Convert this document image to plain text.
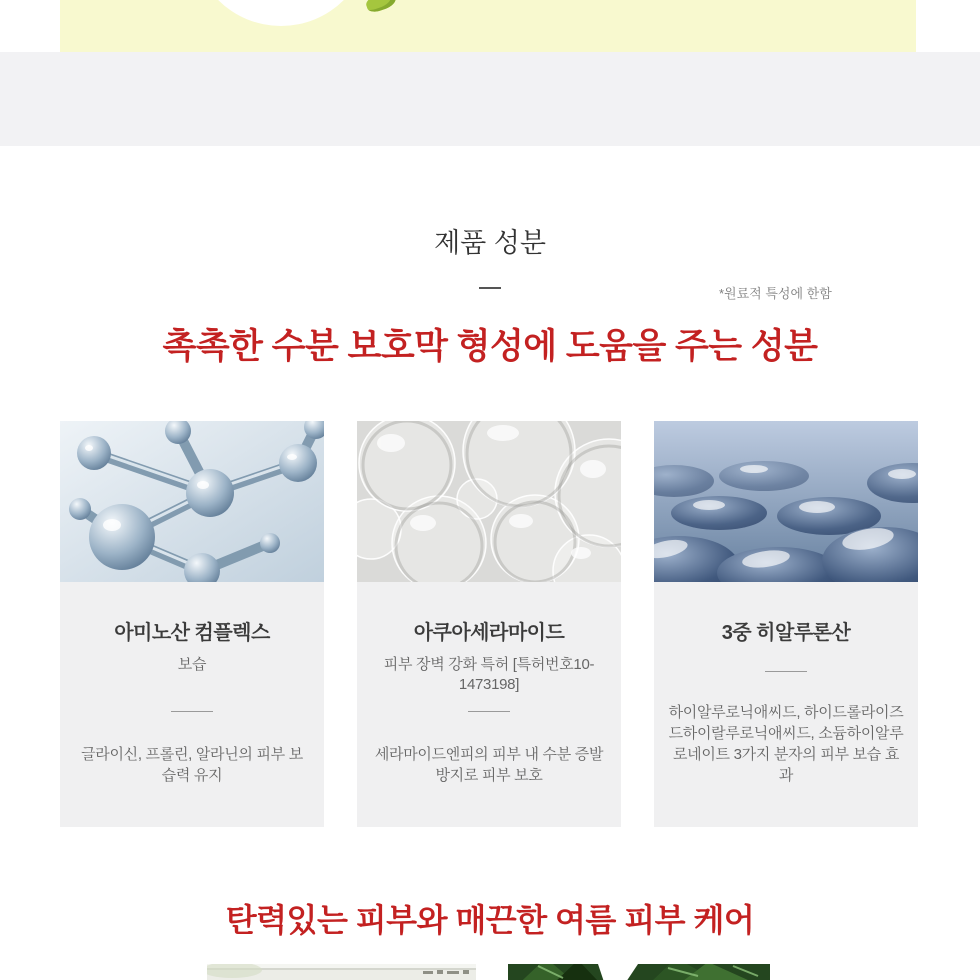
제품 성분
*원료적 특성에 한함
촉촉한 수분 보호막 형성에 도움을 주는 성분
아미노산 컴플렉스
보습
글라이신, 프롤린, 알라닌의 피부 보습력 유지
아쿠아세라마이드
피부 장벽 강화 특허 [특허번호10-1473198]
세라마이드엔피의 피부 내 수분 증발 방지로 피부 보호
3중 히알루론산
하이알루로닉애씨드, 하이드롤라이즈드하이랄루로닉애씨드, 소듐하이알루로네이트 3가지 분자의 피부 보습 효과
탄력있는 피부와 매끈한 여름 피부 케어
